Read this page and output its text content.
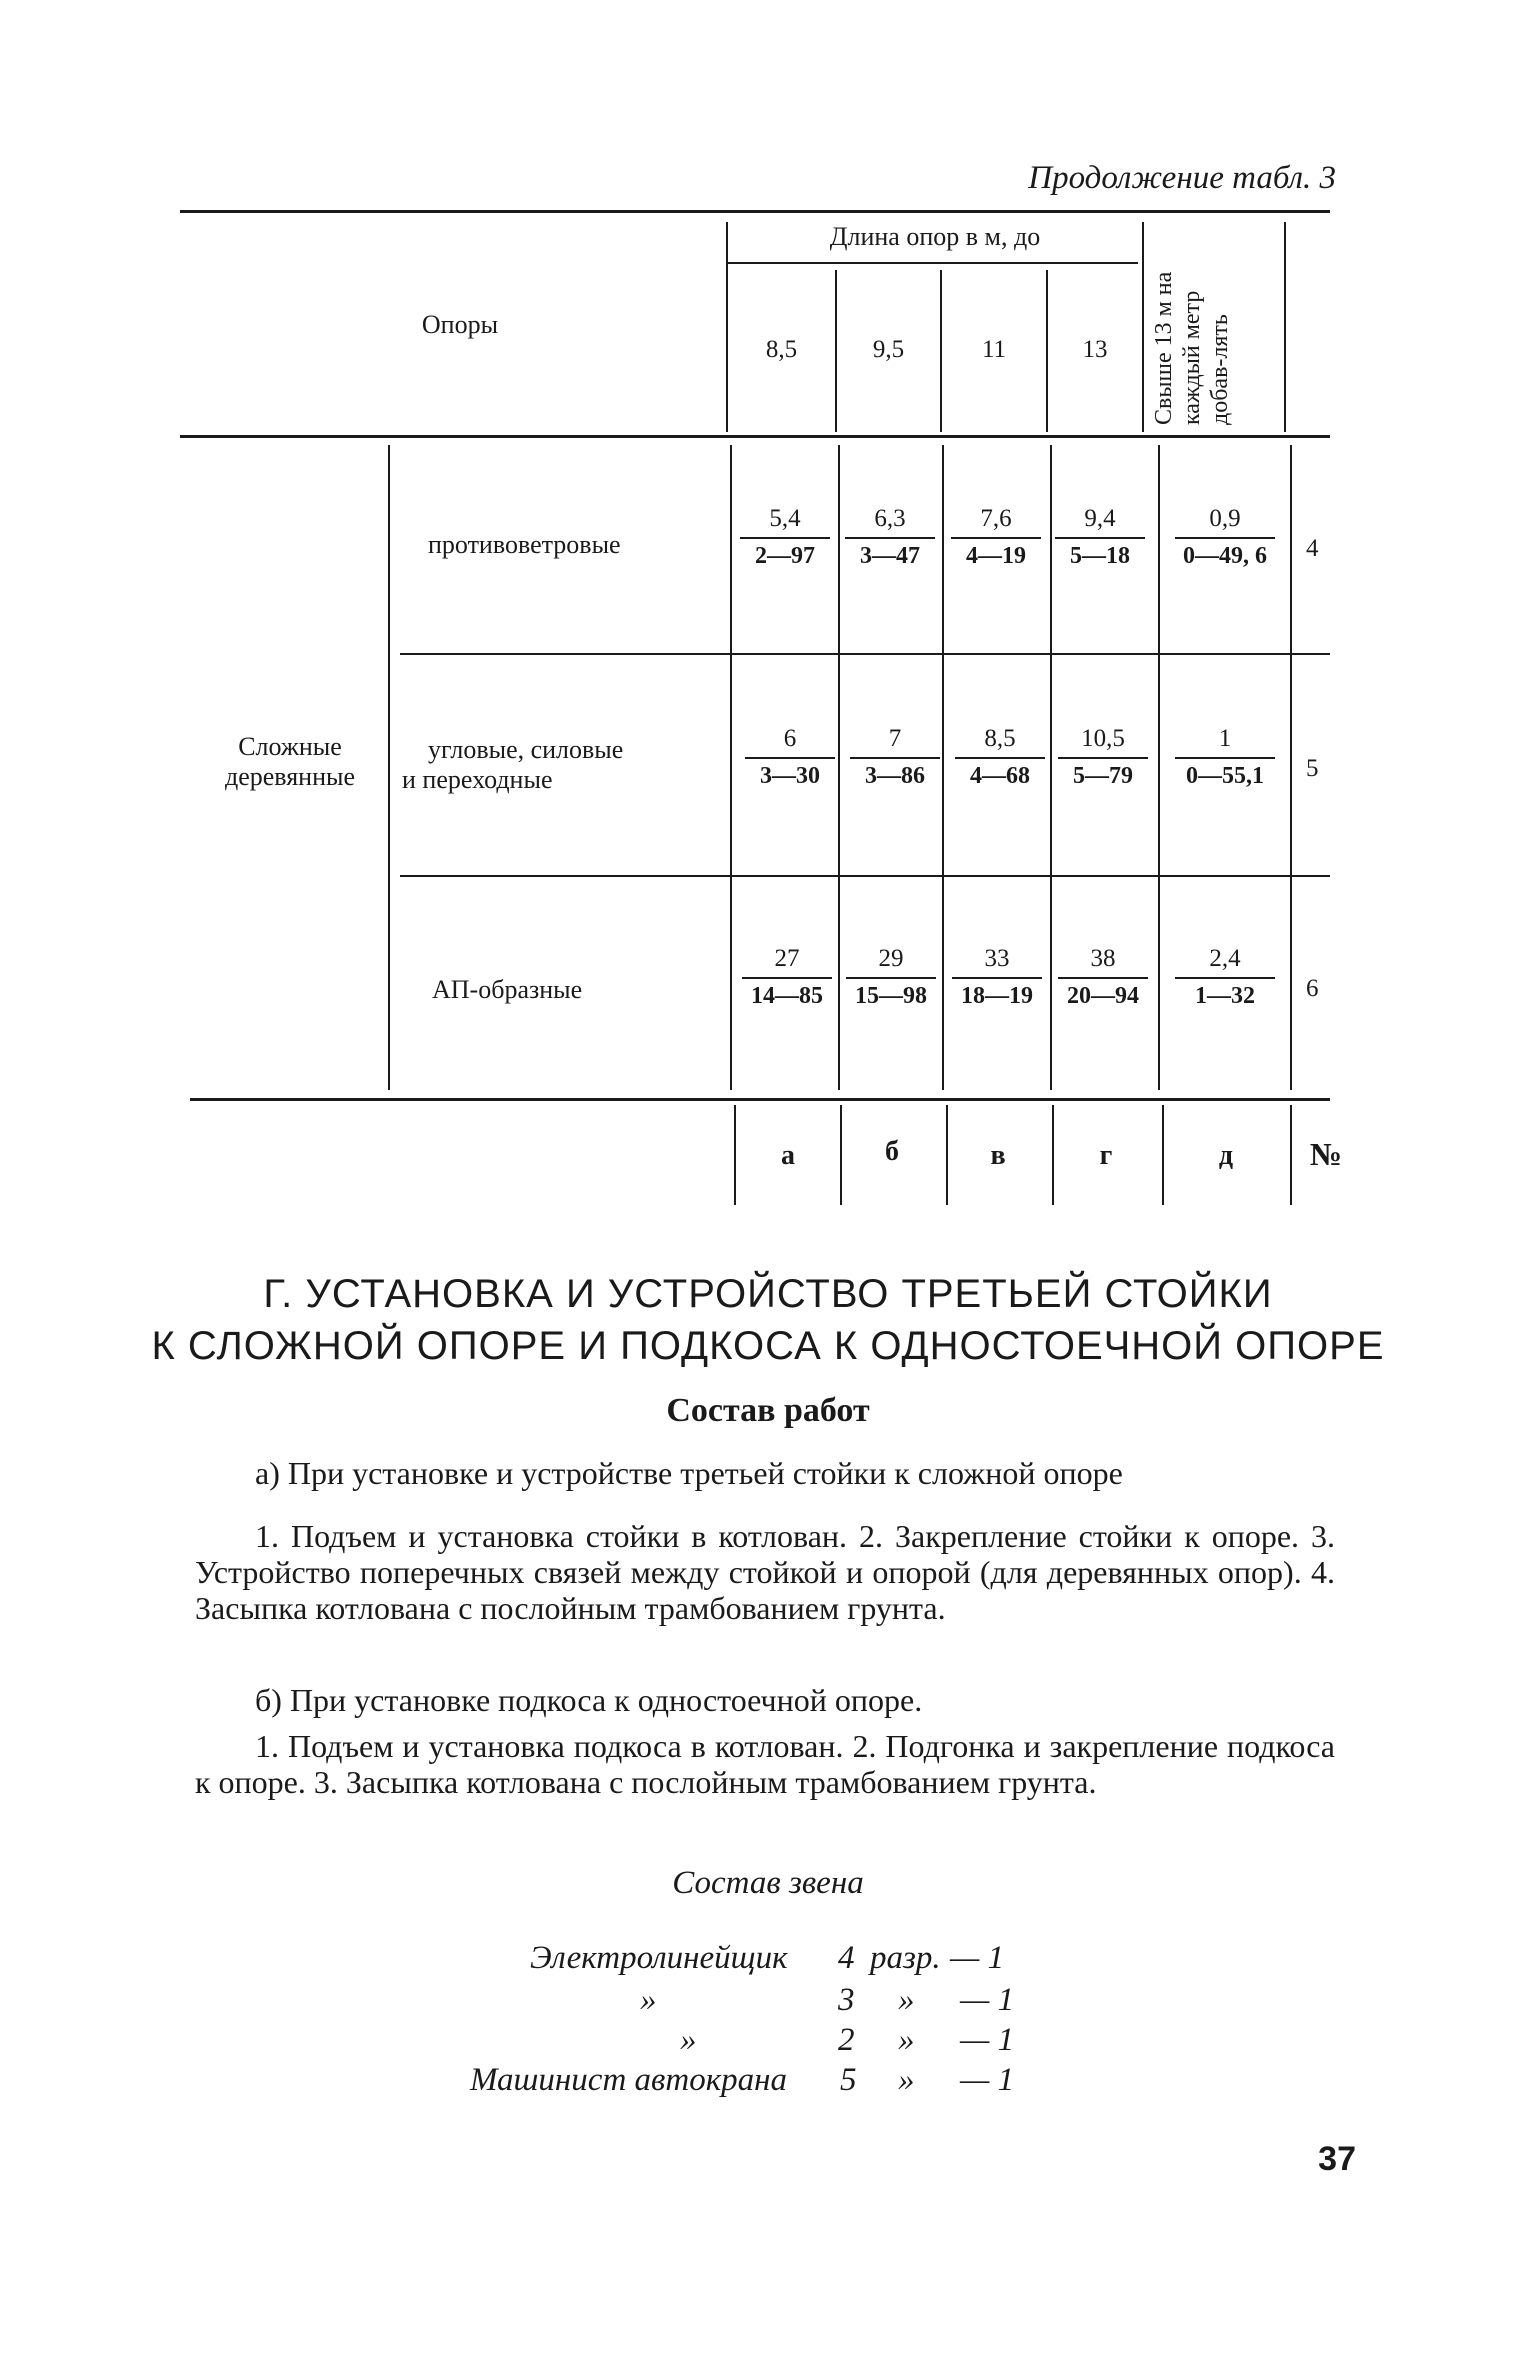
Продолжение табл. 3
Длина опор в м, до
Опоры
8,5	9,5	11	13	Свыше 13 м на каждый метр добав-лять
Сложные
деревянные
противоветровые	$\frac{5,4}{2—97} \frac{6,3}{3—47} \frac{7,6}{4—19} \frac{9,4}{5—18} \frac{0,9}{0—49, 6} 4$
угловые, силовые
и переходные	$\frac{6}{3—30} \frac{7}{3—86} \frac{8,5}{4—68} \frac{10,5}{5—79} \frac{1}{0—55,1} 5$
АП-образные	$\frac{27}{14—85} \frac{29}{15—98} \frac{33}{18—19} \frac{38}{20—94} \frac{2,4}{1—32} 6$
а	б	в	г	д	№
Г. УСТАНОВКА И УСТРОЙСТВО ТРЕТЬЕЙ СТОЙКИ
К СЛОЖНОЙ ОПОРЕ И ПОДКОСА К ОДНОСТОЕЧНОЙ ОПОРЕ
Состав работ
а) При установке и устройстве третьей стойки к сложной опоре
1. Подъем и установка стойки в котлован. 2. Закрепление стойки к опоре. 3. Устройство поперечных связей между стойкой и опорой (для деревянных опор). 4. Засыпка котлована с послойным трамбованием грунта.
б) При установке подкоса к одностоечной опоре.
1. Подъем и установка подкоса в котлован. 2. Подгонка и закрепление подкоса к опоре. 3. Засыпка котлована с послойным трамбованием грунта.
Состав звена
Электролинейщик 4 разр. — 1
»	3 » — 1
»	2 » — 1
Машинист автокрана 5 » — 1
37
